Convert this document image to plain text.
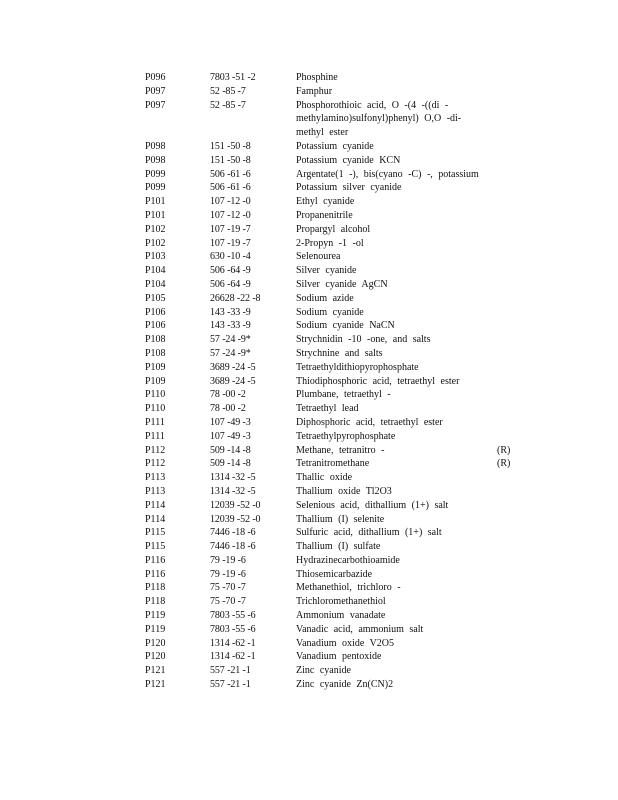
P096	7803 -51 -2	Phosphine
P097	52 -85 -7	Famphur
P097	52 -85 -7	Phosphorothioic acid, O -(4 -((di - methylamino)sulfonyl)phenyl) O,O -di- methyl ester
P098	151 -50 -8	Potassium cyanide
P098	151 -50 -8	Potassium cyanide KCN
P099	506 -61 -6	Argentate(1 -), bis(cyano -C) -, potassium
P099	506 -61 -6	Potassium silver cyanide
P101	107 -12 -0	Ethyl cyanide
P101	107 -12 -0	Propanenitrile
P102	107 -19 -7	Propargyl alcohol
P102	107 -19 -7	2-Propyn -1 -ol
P103	630 -10 -4	Selenourea
P104	506 -64 -9	Silver cyanide
P104	506 -64 -9	Silver cyanide AgCN
P105	26628 -22 -8	Sodium azide
P106	143 -33 -9	Sodium cyanide
P106	143 -33 -9	Sodium cyanide NaCN
P108	57 -24 -9*	Strychnidin -10 -one, and salts
P108	57 -24 -9*	Strychnine and salts
P109	3689 -24 -5	Tetraethyldithiopyrophosphate
P109	3689 -24 -5	Thiodiphosphoric acid, tetraethyl ester
P110	78 -00 -2	Plumbane, tetraethyl -
P110	78 -00 -2	Tetraethyl lead
P111	107 -49 -3	Diphosphoric acid, tetraethyl ester
P111	107 -49 -3	Tetraethylpyrophosphate
P112	509 -14 -8	Methane, tetranitro -	(R)
P112	509 -14 -8	Tetranitromethane	(R)
P113	1314 -32 -5	Thallic oxide
P113	1314 -32 -5	Thallium oxide Tl2O3
P114	12039 -52 -0	Selenious acid, dithallium (1+) salt
P114	12039 -52 -0	Thallium (I) selenite
P115	7446 -18 -6	Sulfuric acid, dithallium (1+) salt
P115	7446 -18 -6	Thallium (I) sulfate
P116	79 -19 -6	Hydrazinecarbothioamide
P116	79 -19 -6	Thiosemicarbazide
P118	75 -70 -7	Methanethiol, trichloro -
P118	75 -70 -7	Trichloromethanethiol
P119	7803 -55 -6	Ammonium vanadate
P119	7803 -55 -6	Vanadic acid, ammonium salt
P120	1314 -62 -1	Vanadium oxide V2O5
P120	1314 -62 -1	Vanadium pentoxide
P121	557 -21 -1	Zinc cyanide
P121	557 -21 -1	Zinc cyanide Zn(CN)2
